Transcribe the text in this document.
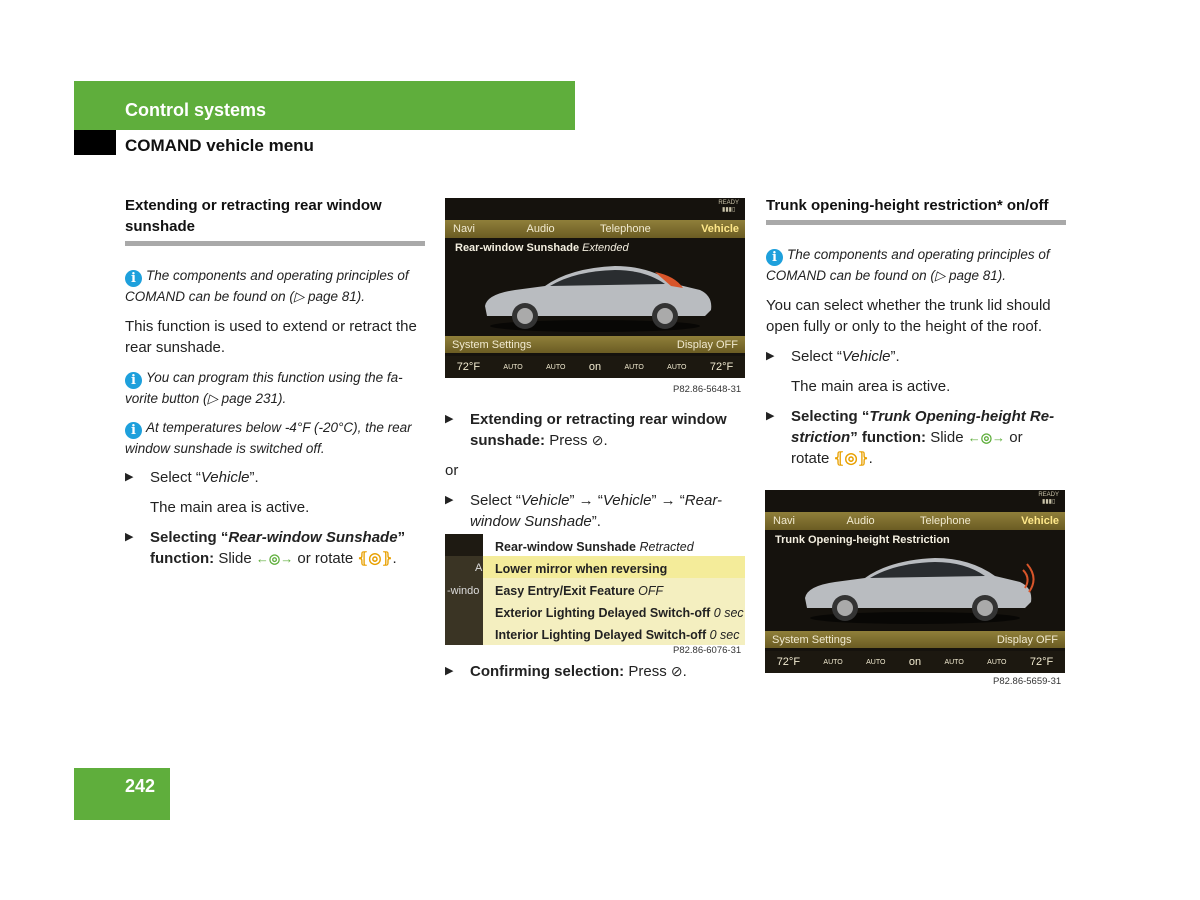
Control systems
COMAND vehicle menu
Extending or retracting rear window sunshade
i The components and operating principles of COMAND can be found on (▷ page 81).
This function is used to extend or retract the rear sunshade.
i You can program this function using the fa-vorite button (▷ page 231).
i At temperatures below -4°F (-20°C), the rear window sunshade is switched off.
▶ Select “Vehicle”.
The main area is active.
▶ Selecting “Rear-window Sunshade” function: Slide ←◎→ or rotate ⦃◎⦄.
READY
▮▮▮▯
Navi	Audio	Telephone	Vehicle
Rear-window Sunshade Extended
System Settings	Display OFF
72°F	AUTO	AUTO on	AUTO	AUTO 72°F
P82.86-5648-31
▶ Extending or retracting rear window sunshade: Press ⊘.
or
▶ Select “Vehicle” → “Vehicle” → “Rear-window Sunshade”.
A
-windo
Rear-window Sunshade Retracted
Lower mirror when reversing
Easy Entry/Exit Feature OFF
Exterior Lighting Delayed Switch-off 0 sec
Interior Lighting Delayed Switch-off 0 sec
P82.86-6076-31
▶ Confirming selection: Press ⊘.
Trunk opening-height restriction* on/off
i The components and operating principles of COMAND can be found on (▷ page 81).
You can select whether the trunk lid should open fully or only to the height of the roof.
▶ Select “Vehicle”.
The main area is active.
▶ Selecting “Trunk Opening-height Re-striction” function: Slide ←◎→ or
rotate ⦃◎⦄.
READY
▮▮▮▯
Navi	Audio	Telephone	Vehicle
Trunk Opening-height Restriction
System Settings	Display OFF
72°F	AUTO	AUTO on	AUTO	AUTO 72°F
P82.86-5659-31
242
